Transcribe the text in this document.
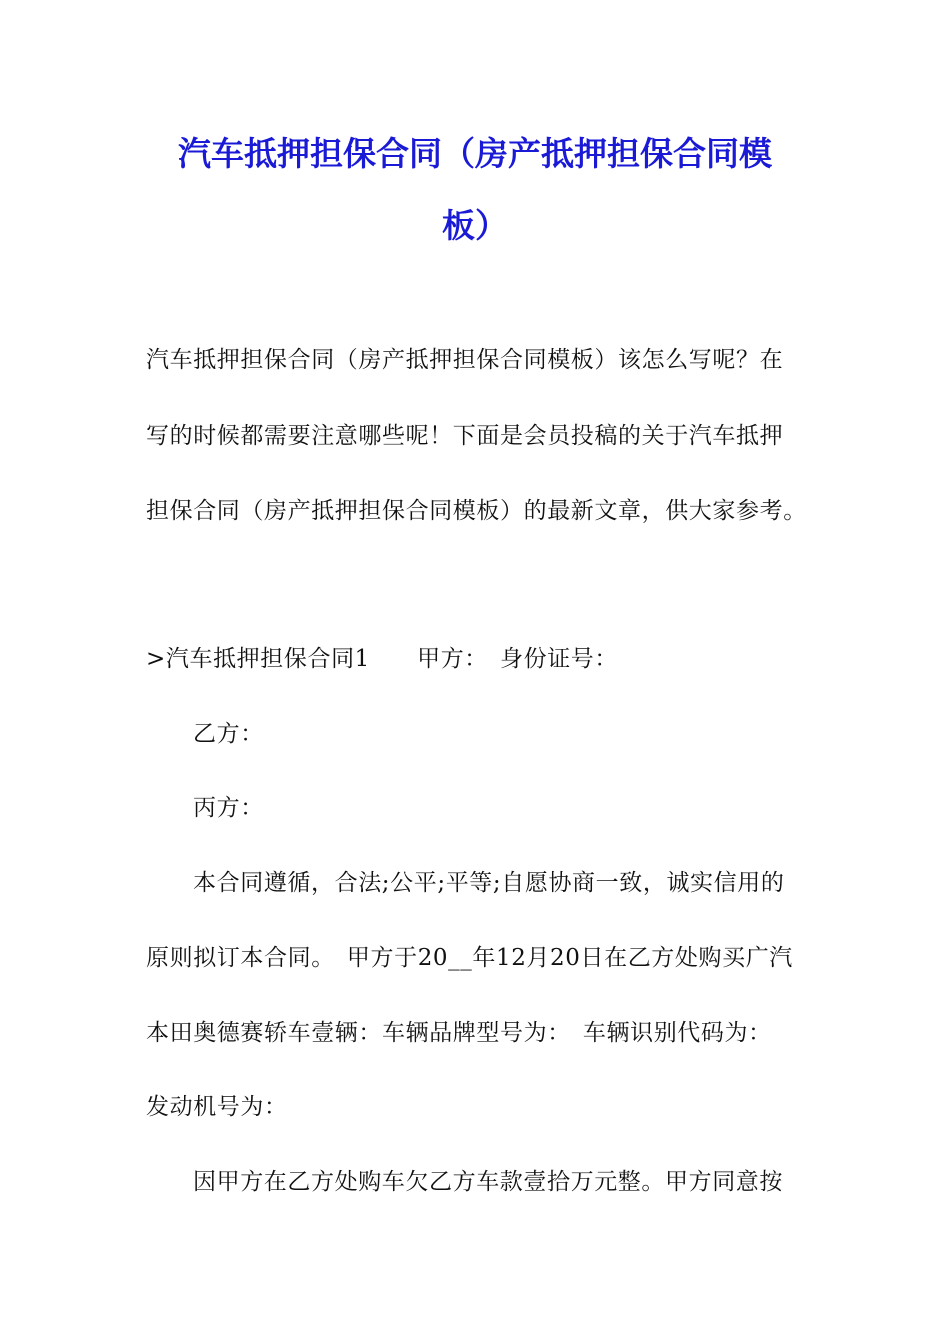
汽车抵押担保合同（房产抵押担保合同模
板）
汽车抵押担保合同（房产抵押担保合同模板）该怎么写呢？在
写的时候都需要注意哪些呢！下面是会员投稿的关于汽车抵押
担保合同（房产抵押担保合同模板）的最新文章，供大家参考。
>汽车抵押担保合同1　　甲方：　身份证号：
乙方：
丙方：
本合同遵循，合法;公平;平等;自愿协商一致，诚实信用的
原则拟订本合同。　甲方于20__年12月20日在乙方处购买广汽
本田奥德赛轿车壹辆：车辆品牌型号为：　车辆识别代码为：
发动机号为：
因甲方在乙方处购车欠乙方车款壹拾万元整。甲方同意按
